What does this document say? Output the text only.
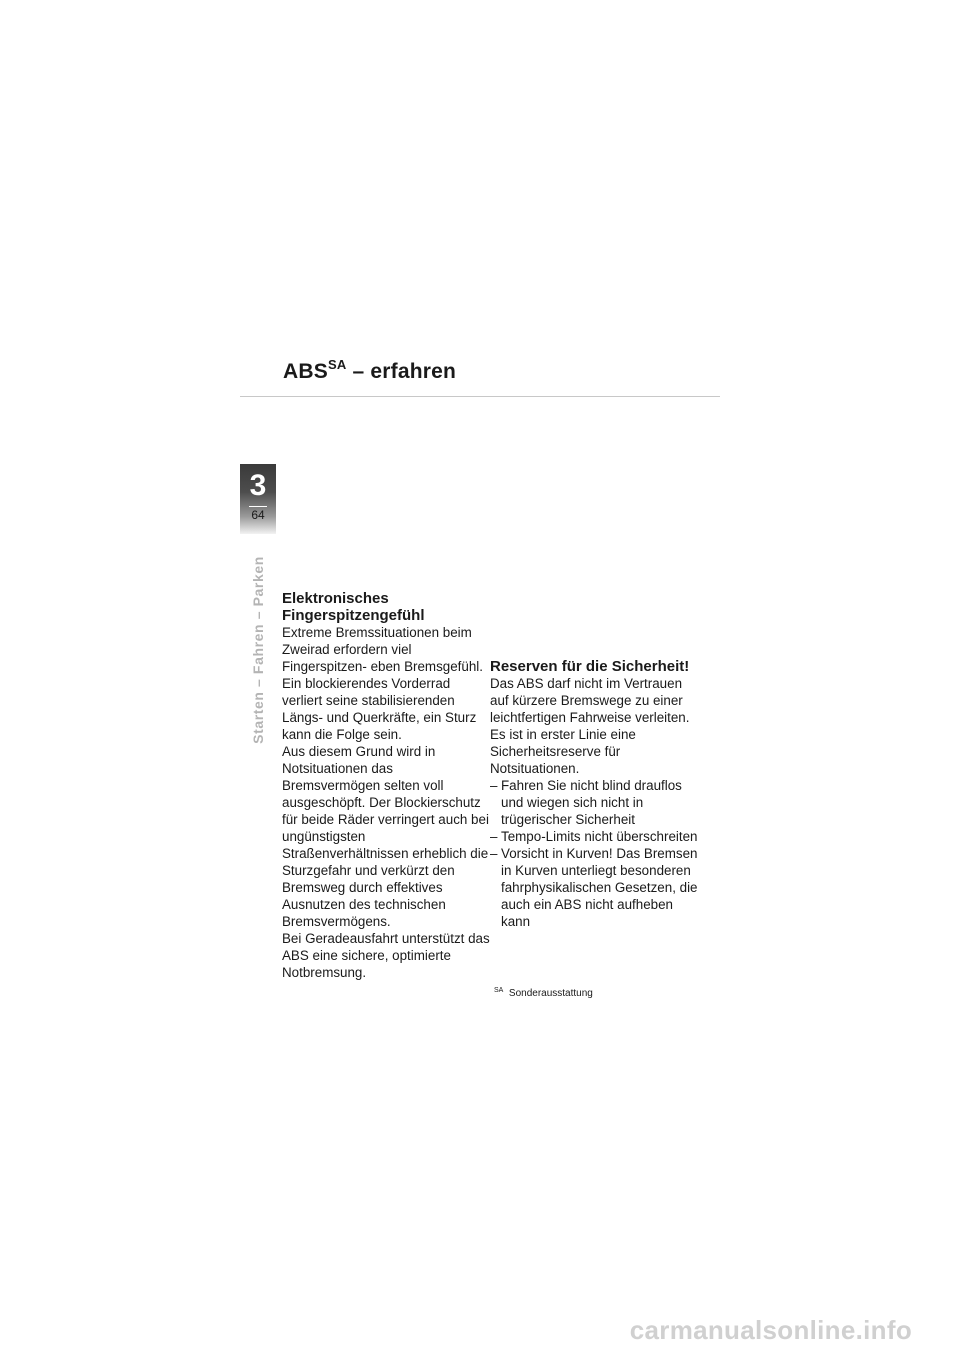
$ABS^{SA}$ – erfahren
3
64
Starten – Fahren – Parken Elektronisches Fingerspitzengefühl

Extreme Bremssituationen beim Zweirad erfordern viel Fingerspitzen- eben Bremsgefühl. Ein blockierendes Vorderrad verliert seine stabilisierenden Längs- und Querkräfte, ein Sturz kann die Folge sein.

Aus diesem Grund wird in Notsituationen das Bremsvermögen selten voll ausgeschöpft. Der Blockierschutz für beide Räder verringert auch bei ungünstigsten Straßenverhältnissen erheblich die Sturzgefahr und verkürzt den Bremsweg durch effektives Ausnutzen des technischen Bremsvermögens.

Bei Geradeausfahrt unterstützt das ABS eine sichere, optimierte Notbremsung.

Reserven für die Sicherheit!

Das ABS darf nicht im Vertrauen auf kürzere Bremswege zu einer leichtfertigen Fahrweise verleiten. Es ist in erster Linie eine Sicherheitsreserve für Notsituationen.

– Fahren Sie nicht blind drauflos und wiegen sich nicht in trügerischer Sicherheit
– Tempo-Limits nicht überschreiten
– Vorsicht in Kurven! Das Bremsen in Kurven unterliegt besonderen fahrphysikalischen Gesetzen, die auch ein ABS nicht aufheben kann
$^{SA}$ Sonderausstattung
carmanualsonline.info
